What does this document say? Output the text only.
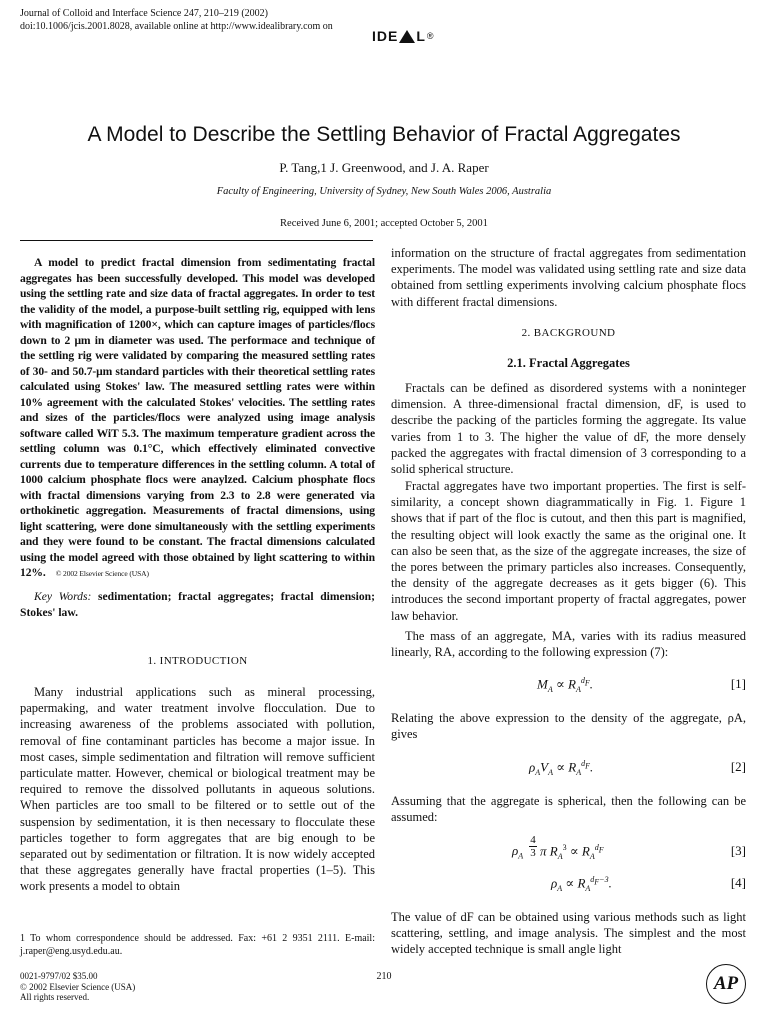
Journal of Colloid and Interface Science 247, 210–219 (2002)
doi:10.1006/jcis.2001.8028, available online at http://www.idealibrary.com on
IDE L ®
A Model to Describe the Settling Behavior of Fractal Aggregates
P. Tang,1 J. Greenwood, and J. A. Raper
Faculty of Engineering, University of Sydney, New South Wales 2006, Australia
Received June 6, 2001; accepted October 5, 2001
A model to predict fractal dimension from sedimentating fractal aggregates has been successfully developed. This model was developed using the settling rate and size data of fractal aggregates. In order to test the validity of the model, a purpose-built settling rig, equipped with lens with magnification of 1200×, which can capture images of particles/flocs down to 2 μm in diameter was used. The performace and technique of the settling rig were validated by comparing the measured settling rates of 30- and 50.7-μm standard particles with their theoretical settling rates calculated using Stokes' law. The measured settling rates were within 10% agreement with the calculated Stokes' velocities. The settling rates and sizes of the particles/flocs were analyzed using image analysis software called WiT 5.3. The maximum temperature gradient across the settling column was 0.1°C, which effectively eliminated convective currents due to temperature differences in the settling column. A total of 1000 calcium phosphate flocs were anaylzed. Calcium phosphate flocs with fractal dimensions varying from 2.3 to 2.8 were generated via orthokinetic aggregation. Measurements of fractal dimensions, using light scattering, were done simultaneously with the settling experiments and they were found to be constant. The fractal dimensions calculated using the model agreed with those obtained by light scattering to within 12%. © 2002 Elsevier Science (USA)
Key Words: sedimentation; fractal aggregates; fractal dimension; Stokes' law.
1. INTRODUCTION
Many industrial applications such as mineral processing, papermaking, and water treatment involve flocculation. Due to increasing awareness of the problems associated with pollution, removal of fine contaminant particles has become a major issue. In most cases, simple sedimentation and filtration will remove sufficient particulate matter. However, chemical or biological treatment may be required to remove the dissolved pollutants in aqueous solutions. When particles are too small to be filtered or to settle out of the suspension by sedimentation, it is then necessary to flocculate these particles together to form aggregates that are big enough to be separated out by sedimentation or filtration. It is now widely accepted that these aggregates generally have fractal properties (1–5). This work presents a model to obtain
1 To whom correspondence should be addressed. Fax: +61 2 9351 2111. E-mail: j.raper@eng.usyd.edu.au.
information on the structure of fractal aggregates from sedimentation experiments. The model was validated using settling rate and size data obtained from settling experiments involving calcium phosphate flocs with different fractal dimensions.
2. BACKGROUND
2.1. Fractal Aggregates
Fractals can be defined as disordered systems with a noninteger dimension. A three-dimensional fractal dimension, dF, is used to describe the packing of the particles forming the aggregate. Its value varies from 1 to 3. The higher the value of dF, the more densely packed the aggregates with fractal dimension of 3 corresponding to a solid spherical structure.
Fractal aggregates have two important properties. The first is self-similarity, a concept shown diagrammatically in Fig. 1. Figure 1 shows that if part of the floc is cutout, and then this part is magnified, the resulting object will look exactly the same as the original one. It can also be seen that, as the size of the aggregate increases, the size of the pores between the primary particles also increases. Consequently, the density of the aggregate decreases as it gets bigger (6). This introduces the second important property of fractal aggregates, power law behavior.
The mass of an aggregate, MA, varies with its radius measured linearly, RA, according to the following expression (7):
$M_A \propto R_A^{d_F}$.	[1]
Relating the above expression to the density of the aggregate, ρA, gives
$\rho_AV_A \propto R_A^{d_F}$.	[2]
Assuming that the aggregate is spherical, then the following can be assumed:
$\rho_A$
4
3 π $R_A^3 \propto R_A^{d_F}$	[3]
$\rho_A \propto R_A^{d_F-3}$.	[4]
The value of dF can be obtained using various methods such as light scattering, settling, and image analysis. The simplest and the most widely accepted technique is small angle light
0021-9797/02 $35.00
© 2002 Elsevier Science (USA)
All rights reserved.
210	AP
